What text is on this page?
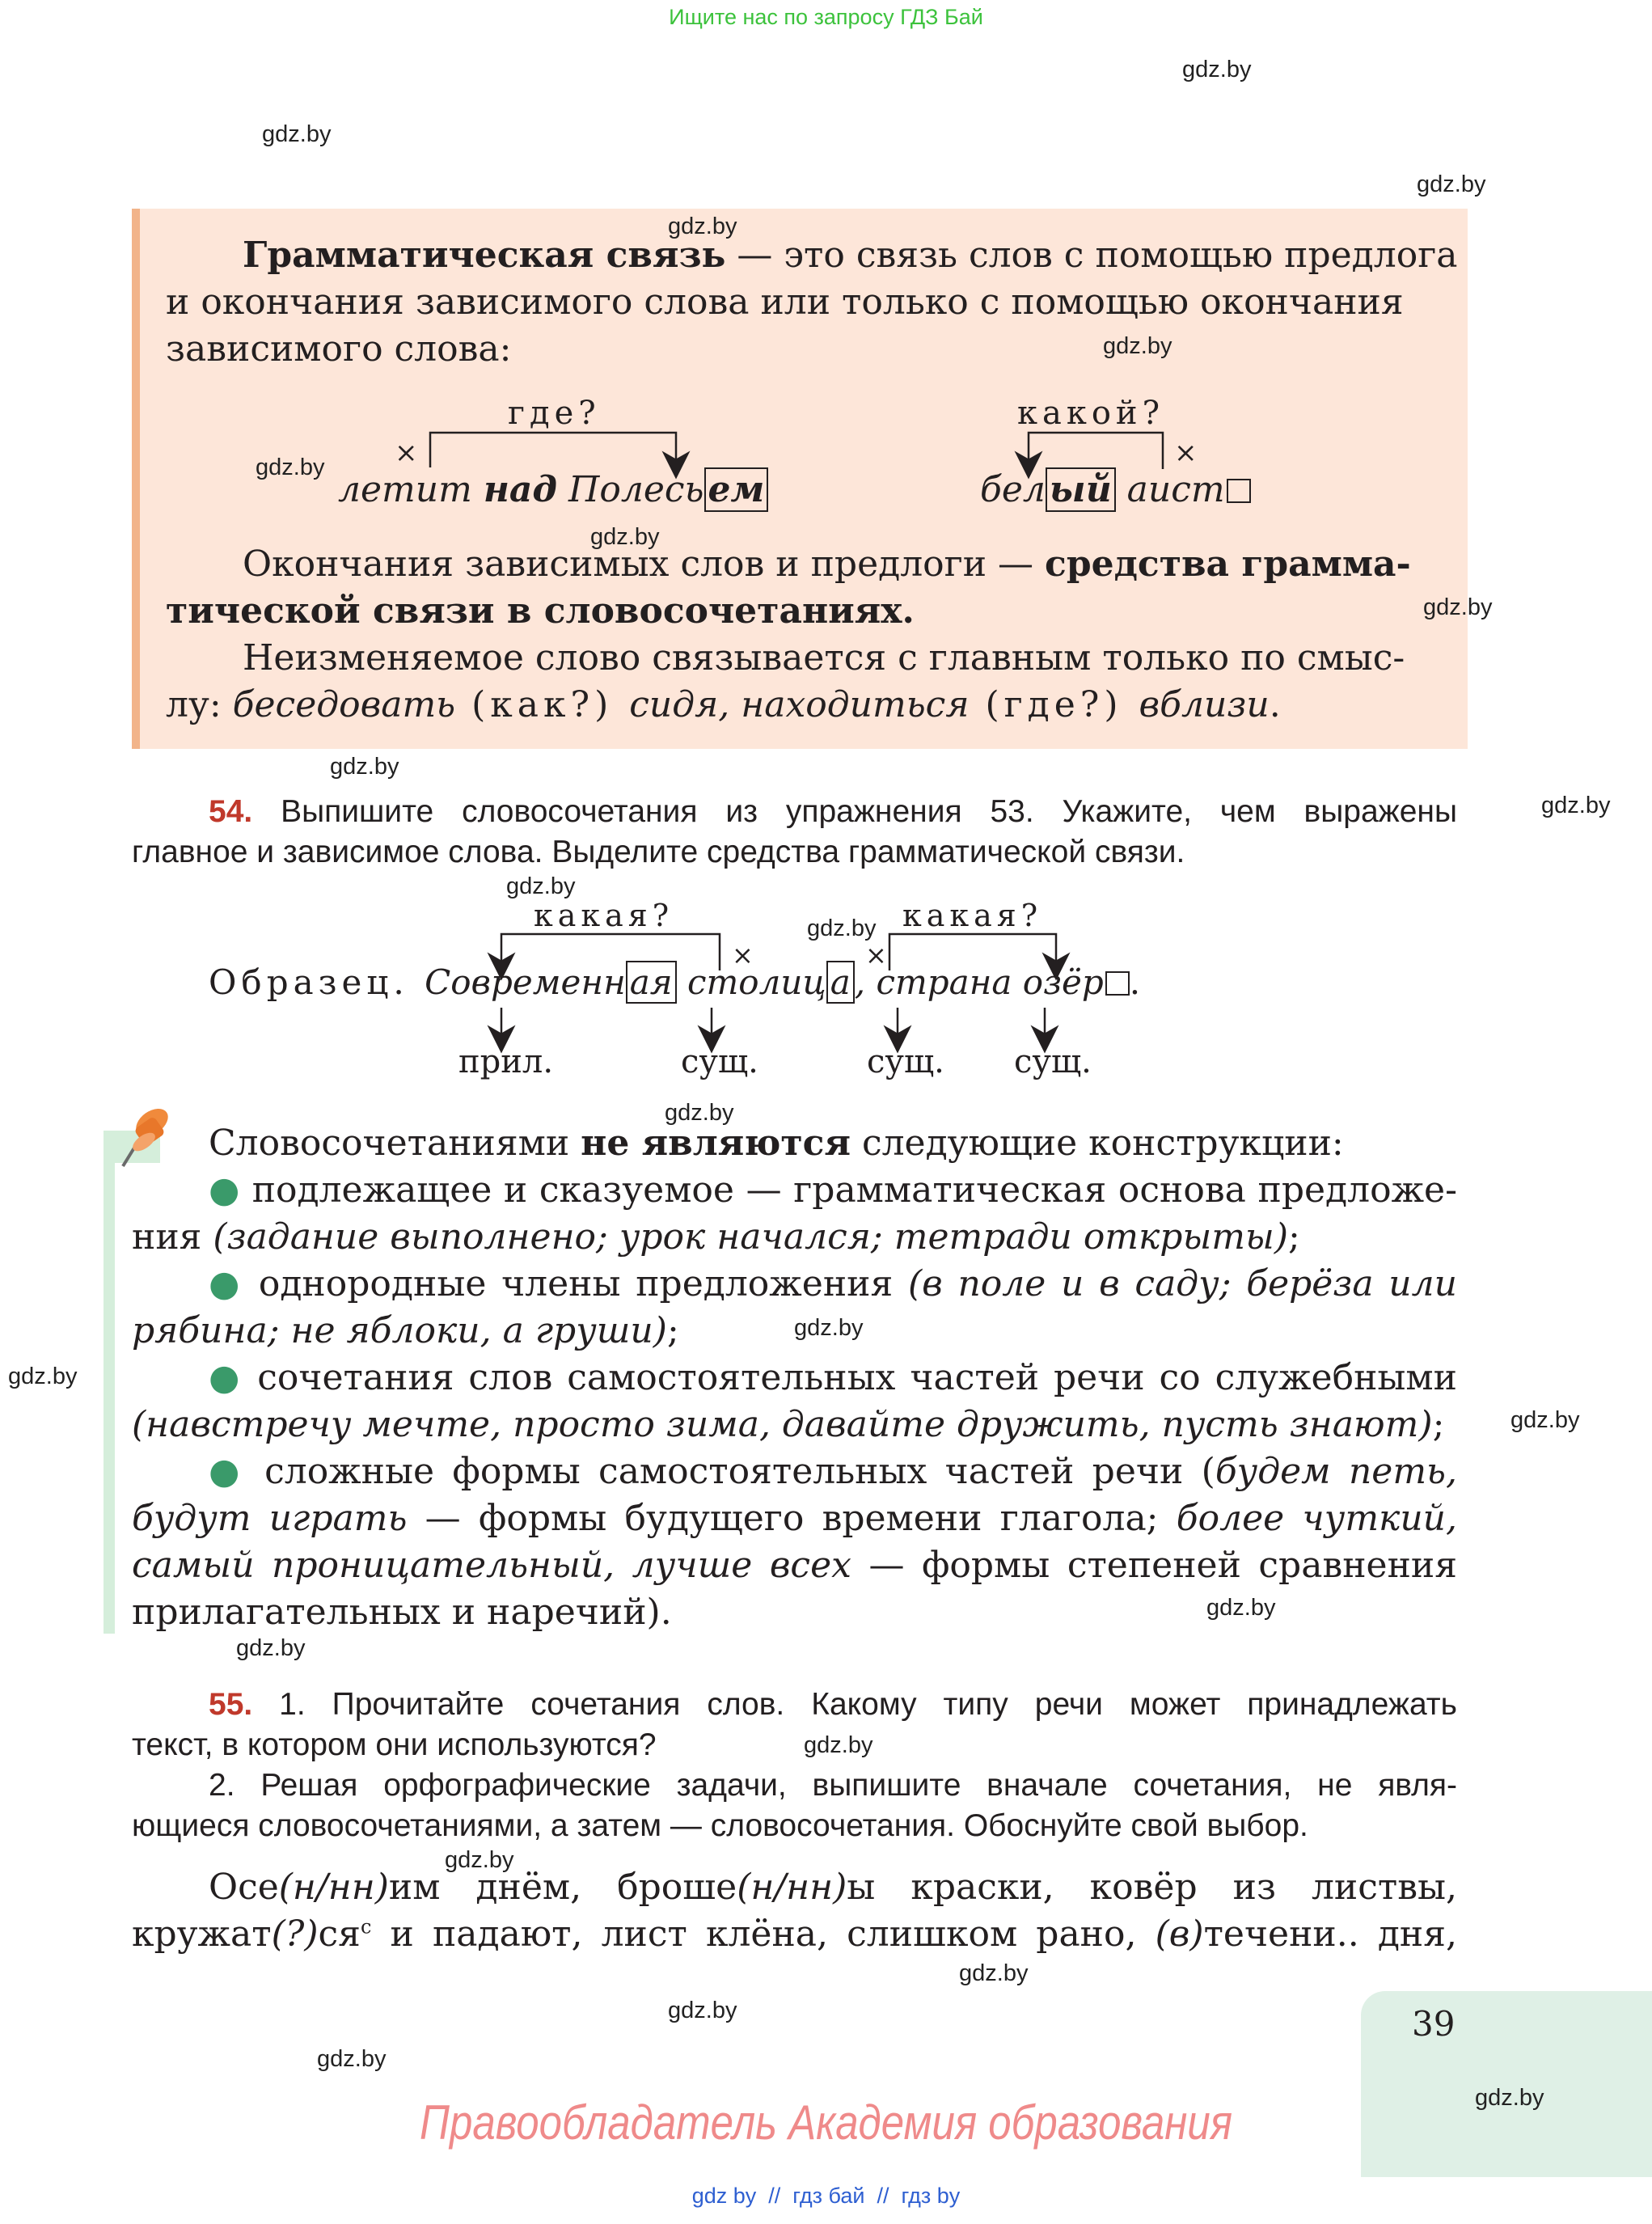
Ищите нас по запросу ГДЗ Бай
gdz.by
gdz.by
gdz.by
gdz.by
Грамматическая связь — это связь слов с помощью предлога
и окончания зависимого слова или только с помощью окончания
gdz.by
зависимого слова:
где?
×
gdz.by
летит над Полесь ем
какой?
×
бел ый аист
gdz.by
Окончания зависимых слов и предлоги — средства грамма-
тической связи в словосочетаниях.	gdz.by
Неизменяемое слово связывается с главным только по смыс-
лу: беседовать (как?) сидя, находиться (где?) вблизи.
gdz.by
gdz.by
54. Выпишите словосочетания из упражнения 53. Укажите, чем выражены
главное и зависимое слова. Выделите средства грамматической связи.
gdz.by
какая?	gdz.by какая?
×	×
Образец. Современн ая столиц а , страна озёр .
прил.	сущ.	сущ. сущ.
gdz.by
Словосочетаниями не являются следующие конструкции:
● подлежащее и сказуемое — грамматическая основа предложе-
ния (задание выполнено; урок начался; тетради открыты);
● однородные члены предложения (в поле и в саду; берёза или
рябина; не яблоки, а груши);	gdz.by
gdz.by	● сочетания слов самостоятельных частей речи со служебными
(навстречу мечте, просто зима, давайте дружить, пусть знают);	gdz.by
● сложные формы самостоятельных частей речи (будем петь,
будут играть — формы будущего времени глагола; более чуткий,
самый проницательный, лучше всех — формы степеней сравнения
прилагательных и наречий).	gdz.by
gdz.by
55. 1. Прочитайте сочетания слов. Какому типу речи может принадлежать
текст, в котором они используются?	gdz.by
2. Решая орфографические задачи, выпишите вначале сочетания, не явля-
ющиеся словосочетаниями, а затем — словосочетания. Обоснуйте свой выбор.
gdz.by
Осе(н/нн)им днём, броше(н/нн)ы краски, ковёр из листвы,
$кружат(?)ся^с$ и падают, лист клёна, слишком рано, (в)течени.. дня,
gdz.by
39
gdz.by
gdz.by
gdz.by
Правообладатель Академия образования
gdz by  //  гдз бай  //  гдз by
